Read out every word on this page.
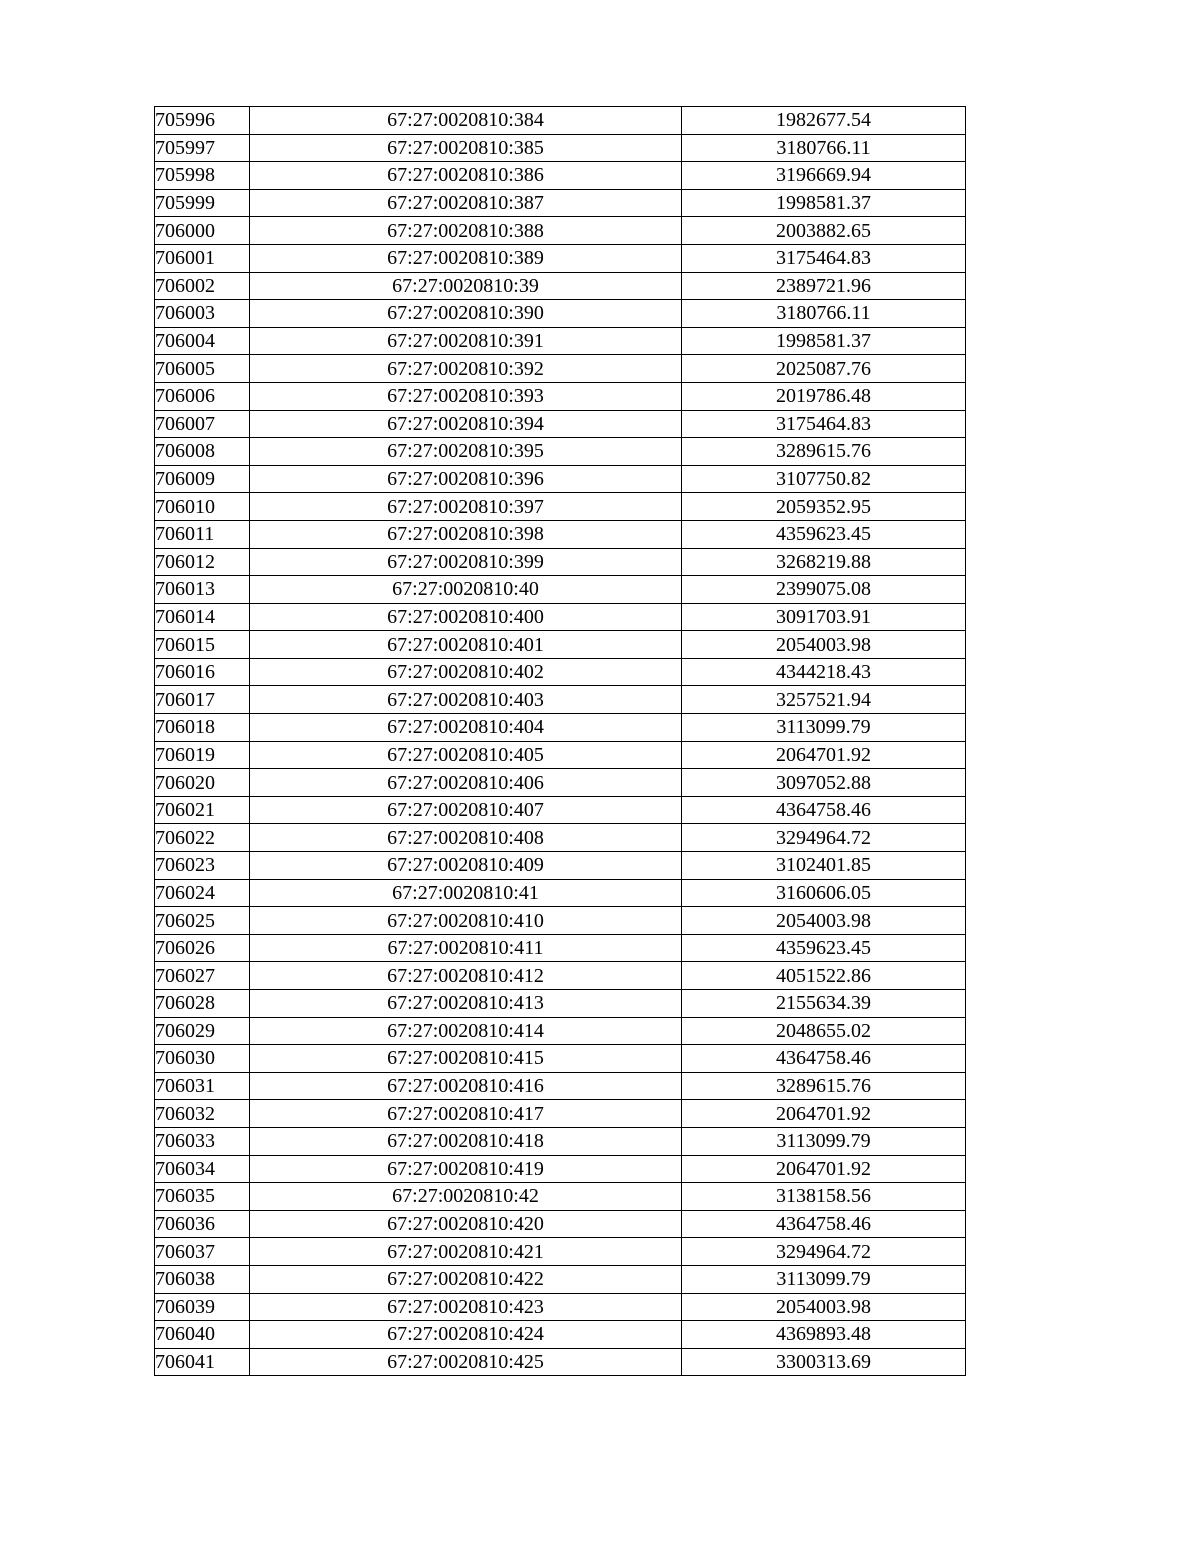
705996	67:27:0020810:384	1982677.54
705997	67:27:0020810:385	3180766.11
705998	67:27:0020810:386	3196669.94
705999	67:27:0020810:387	1998581.37
706000	67:27:0020810:388	2003882.65
706001	67:27:0020810:389	3175464.83
706002	67:27:0020810:39	2389721.96
706003	67:27:0020810:390	3180766.11
706004	67:27:0020810:391	1998581.37
706005	67:27:0020810:392	2025087.76
706006	67:27:0020810:393	2019786.48
706007	67:27:0020810:394	3175464.83
706008	67:27:0020810:395	3289615.76
706009	67:27:0020810:396	3107750.82
706010	67:27:0020810:397	2059352.95
706011	67:27:0020810:398	4359623.45
706012	67:27:0020810:399	3268219.88
706013	67:27:0020810:40	2399075.08
706014	67:27:0020810:400	3091703.91
706015	67:27:0020810:401	2054003.98
706016	67:27:0020810:402	4344218.43
706017	67:27:0020810:403	3257521.94
706018	67:27:0020810:404	3113099.79
706019	67:27:0020810:405	2064701.92
706020	67:27:0020810:406	3097052.88
706021	67:27:0020810:407	4364758.46
706022	67:27:0020810:408	3294964.72
706023	67:27:0020810:409	3102401.85
706024	67:27:0020810:41	3160606.05
706025	67:27:0020810:410	2054003.98
706026	67:27:0020810:411	4359623.45
706027	67:27:0020810:412	4051522.86
706028	67:27:0020810:413	2155634.39
706029	67:27:0020810:414	2048655.02
706030	67:27:0020810:415	4364758.46
706031	67:27:0020810:416	3289615.76
706032	67:27:0020810:417	2064701.92
706033	67:27:0020810:418	3113099.79
706034	67:27:0020810:419	2064701.92
706035	67:27:0020810:42	3138158.56
706036	67:27:0020810:420	4364758.46
706037	67:27:0020810:421	3294964.72
706038	67:27:0020810:422	3113099.79
706039	67:27:0020810:423	2054003.98
706040	67:27:0020810:424	4369893.48
706041	67:27:0020810:425	3300313.69
